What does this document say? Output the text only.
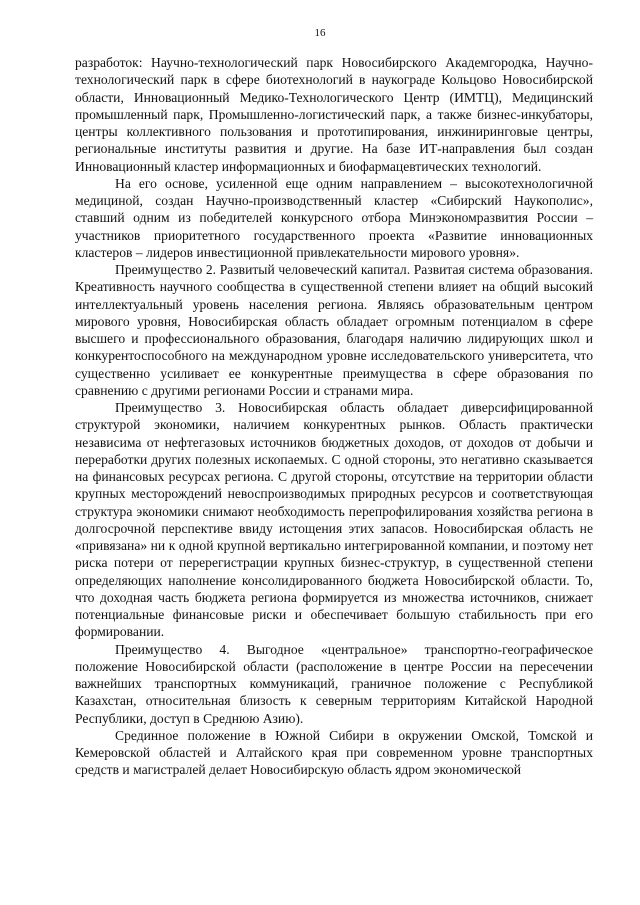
16

разработок: Научно-технологический парк Новосибирского Академгородка, Научно-технологический парк в сфере биотехнологий в наукограде Кольцово Новосибирской области, Инновационный Медико-Технологического Центр (ИМТЦ), Медицинский промышленный парк, Промышленно-логистический парк, а также бизнес-инкубаторы, центры коллективного пользования и прототипирования, инжиниринговые центры, региональные институты развития и другие. На базе ИТ-направления был создан Инновационный кластер информационных и биофармацевтических технологий.

На его основе, усиленной еще одним направлением – высокотехнологичной медициной, создан Научно-производственный кластер «Сибирский Наукополис», ставший одним из победителей конкурсного отбора Минэкономразвития России – участников приоритетного государственного проекта «Развитие инновационных кластеров – лидеров инвестиционной привлекательности мирового уровня».

Преимущество 2. Развитый человеческий капитал. Развитая система образования. Креативность научного сообщества в существенной степени влияет на общий высокий интеллектуальный уровень населения региона. Являясь образовательным центром мирового уровня, Новосибирская область обладает огромным потенциалом в сфере высшего и профессионального образования, благодаря наличию лидирующих школ и конкурентоспособного на международном уровне исследовательского университета, что существенно усиливает ее конкурентные преимущества в сфере образования по сравнению с другими регионами России и странами мира.

Преимущество 3. Новосибирская область обладает диверсифицированной структурой экономики, наличием конкурентных рынков. Область практически независима от нефтегазовых источников бюджетных доходов, от доходов от добычи и переработки других полезных ископаемых. С одной стороны, это негативно сказывается на финансовых ресурсах региона. С другой стороны, отсутствие на территории области крупных месторождений невоспроизводимых природных ресурсов и соответствующая структура экономики снимают необходимость перепрофилирования хозяйства региона в долгосрочной перспективе ввиду истощения этих запасов. Новосибирская область не «привязана» ни к одной крупной вертикально интегрированной компании, и поэтому нет риска потери от перерегистрации крупных бизнес-структур, в существенной степени определяющих наполнение консолидированного бюджета Новосибирской области. То, что доходная часть бюджета региона формируется из множества источников, снижает потенциальные финансовые риски и обеспечивает большую стабильность при его формировании.

Преимущество 4. Выгодное «центральное» транспортно-географическое положение Новосибирской области (расположение в центре России на пересечении важнейших транспортных коммуникаций, граничное положение с Республикой Казахстан, относительная близость к северным территориям Китайской Народной Республики, доступ в Среднюю Азию).

Срединное положение в Южной Сибири в окружении Омской, Томской и Кемеровской областей и Алтайского края при современном уровне транспортных средств и магистралей делает Новосибирскую область ядром экономической
